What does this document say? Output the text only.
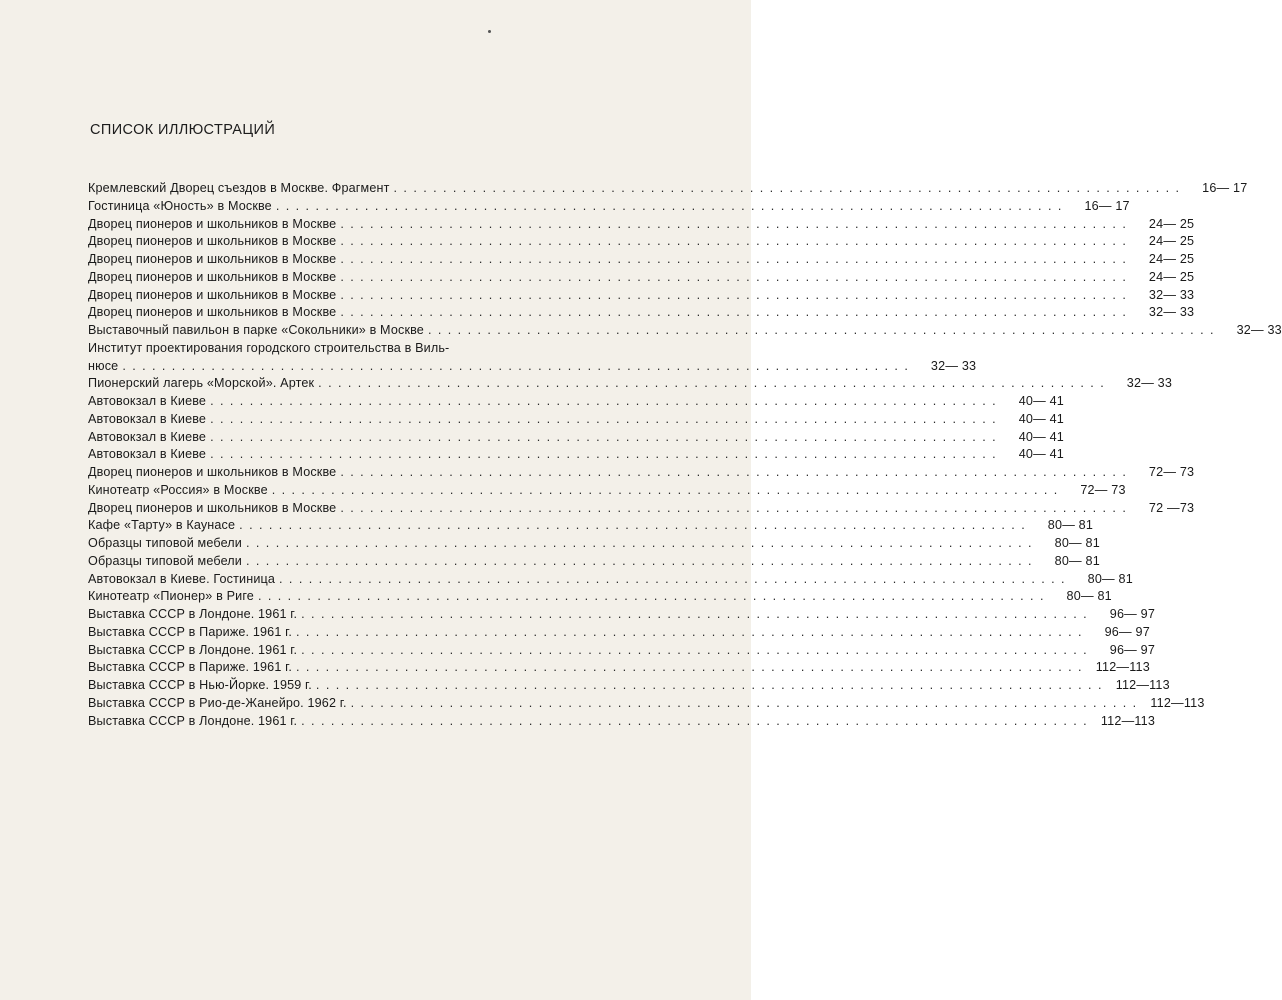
СПИСОК ИЛЛЮСТРАЦИЙ
Кремлевский Дворец съездов в Москве. Фрагмент ................................................................................	16— 17
Гостиница «Юность» в Москве ................................................................................	16— 17
Дворец пионеров и школьников в Москве ................................................................................	24— 25
Дворец пионеров и школьников в Москве ................................................................................	24— 25
Дворец пионеров и школьников в Москве ................................................................................	24— 25
Дворец пионеров и школьников в Москве ................................................................................	24— 25
Дворец пионеров и школьников в Москве ................................................................................	32— 33
Дворец пионеров и школьников в Москве ................................................................................	32— 33
Выставочный павильон в парке «Сокольники» в Москве ................................................................................	32— 33
Институт проектирования городского строительства в Виль-
нюсе ................................................................................	32— 33
Пионерский лагерь «Морской». Артек ................................................................................	32— 33
Автовокзал в Киеве ................................................................................	40— 41
Автовокзал в Киеве ................................................................................	40— 41
Автовокзал в Киеве ................................................................................	40— 41
Автовокзал в Киеве ................................................................................	40— 41
Дворец пионеров и школьников в Москве ................................................................................	72— 73
Кинотеатр «Россия» в Москве ................................................................................	72— 73
Дворец пионеров и школьников в Москве ................................................................................	72 —73
Кафе «Тарту» в Каунасе ................................................................................	80— 81
Образцы типовой мебели ................................................................................	80— 81
Образцы типовой мебели ................................................................................	80— 81
Автовокзал в Киеве. Гостиница ................................................................................	80— 81
Кинотеатр «Пионер» в Риге ................................................................................	80— 81
Выставка СССР в Лондоне. 1961 г. ................................................................................	96— 97
Выставка СССР в Париже. 1961 г. ................................................................................	96— 97
Выставка СССР в Лондоне. 1961 г. ................................................................................	96— 97
Выставка СССР в Париже. 1961 г. ................................................................................ 112—113
Выставка СССР в Нью-Йорке. 1959 г. ................................................................................ 112—113
Выставка СССР в Рио-де-Жанейро. 1962 г. ................................................................................ 112—113
Выставка СССР в Лондоне. 1961 г. ................................................................................ 112—113
